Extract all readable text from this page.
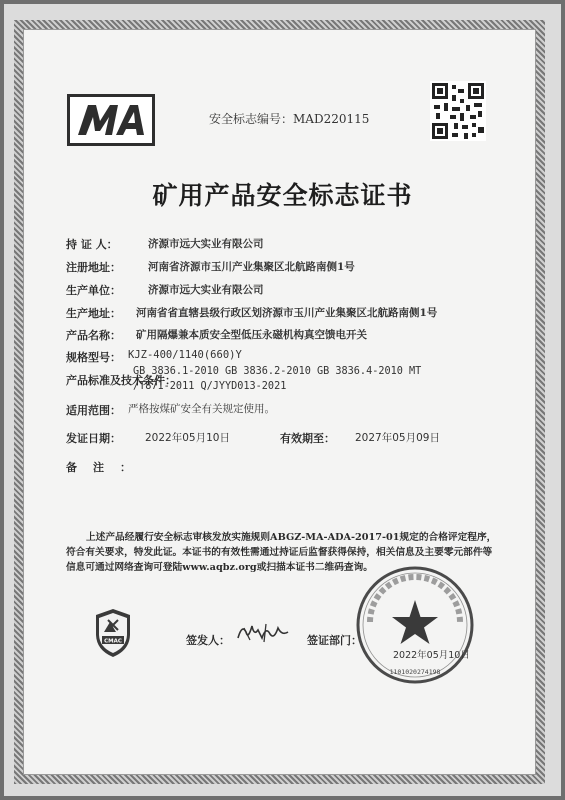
安全标志编号：MAD220115
矿用产品安全标志证书
持 证 人：	济源市远大实业有限公司
注册地址：	河南省济源市玉川产业集聚区北航路南侧1号
生产单位：	济源市远大实业有限公司
生产地址： 河南省省直辖县级行政区划济源市玉川产业集聚区北航路南侧1号
产品名称： 矿用隔爆兼本质安全型低压永磁机构真空馈电开关
规格型号： KJZ-400/1140(660)Y
产品标准及技术条件：
GB 3836.1-2010 GB 3836.2-2010 GB 3836.4-2010 MT
/T871-2011 Q/JYYD013-2021
适用范围： 严格按煤矿安全有关规定使用。
发证日期： 2022年05月10日	有效期至： 2027年05月09日
备注：
上述产品经履行安全标志审核发放实施规则ABGZ-MA-ADA-2017-01规定的合格评定程序，符合有关要求，特发此证。本证书的有效性需通过持证后监督获得保持，相关信息及主要零元部件等信息可通过网络查询可登陆www.aqbz.org或扫描本证书二维码查询。
CMAC	签发人：	签证部门：
1101020274198
2022年05月10日
